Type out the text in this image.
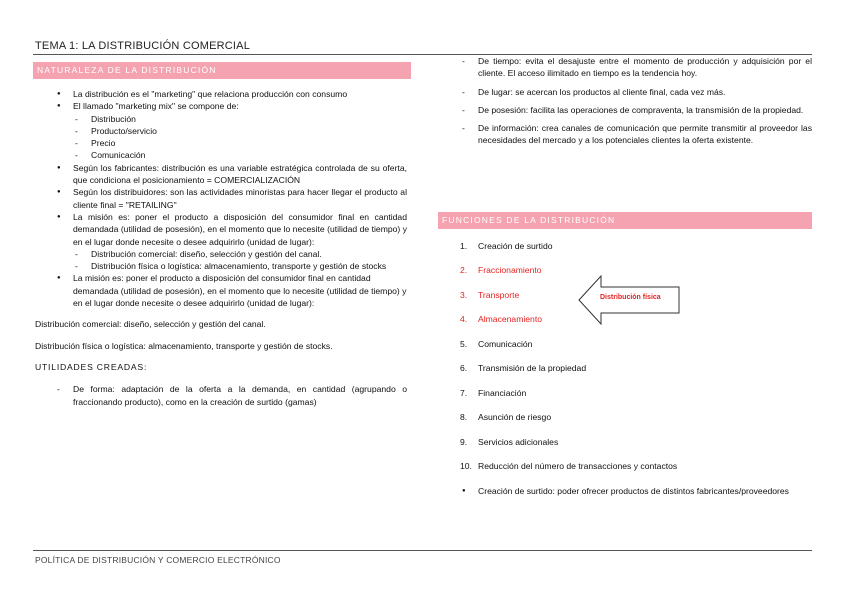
TEMA 1: LA DISTRIBUCIÓN COMERCIAL
NATURALEZA DE LA DISTRIBUCIÓN
● La distribución es el "marketing" que relaciona producción con consumo
● El llamado "marketing mix" se compone de:
- Distribución
- Producto/servicio
- Precio
- Comunicación
● Según los fabricantes: distribución es una variable estratégica controlada de su oferta, que condiciona el posicionamiento = COMERCIALIZACIÓN
● Según los distribuidores: son las actividades minoristas para hacer llegar el producto al cliente final = "RETAILING"
● La misión es: poner el producto a disposición del consumidor final en cantidad demandada (utilidad de posesión), en el momento que lo necesite (utilidad de tiempo) y en el lugar donde necesite o desee adquirirlo (unidad de lugar):
- Distribución comercial: diseño, selección y gestión del canal.
- Distribución física o logística: almacenamiento, transporte y gestión de stocks
● La misión es: poner el producto a disposición del consumidor final en cantidad demandada (utilidad de posesión), en el momento que lo necesite (utilidad de tiempo) y en el lugar donde necesite o desee adquirirlo (unidad de lugar):
Distribución comercial: diseño, selección y gestión del canal.
Distribución física o logística: almacenamiento, transporte y gestión de stocks.
UTILIDADES CREADAS:
- De forma: adaptación de la oferta a la demanda, en cantidad (agrupando o fraccionando producto), como en la creación de surtido (gamas)
- De tiempo: evita el desajuste entre el momento de producción y adquisición por el cliente. El acceso ilimitado en tiempo es la tendencia hoy.
- De lugar: se acercan los productos al cliente final, cada vez más.
- De posesión: facilita las operaciones de compraventa, la transmisión de la propiedad.
- De información: crea canales de comunicación que permite transmitir al proveedor las necesidades del mercado y a los potenciales clientes la oferta existente.
FUNCIONES DE LA DISTRIBUCIÓN
1. Creación de surtido
2. Fraccionamiento
3. Transporte
4. Almacenamiento
5. Comunicación
6. Transmisión de la propiedad
7. Financiación
8. Asunción de riesgo
9. Servicios adicionales
10. Reducción del número de transacciones y contactos
● Creación de surtido: poder ofrecer productos de distintos fabricantes/proveedores
Distribución física
POLÍTICA DE DISTRIBUCIÓN Y COMERCIO ELECTRÓNICO
